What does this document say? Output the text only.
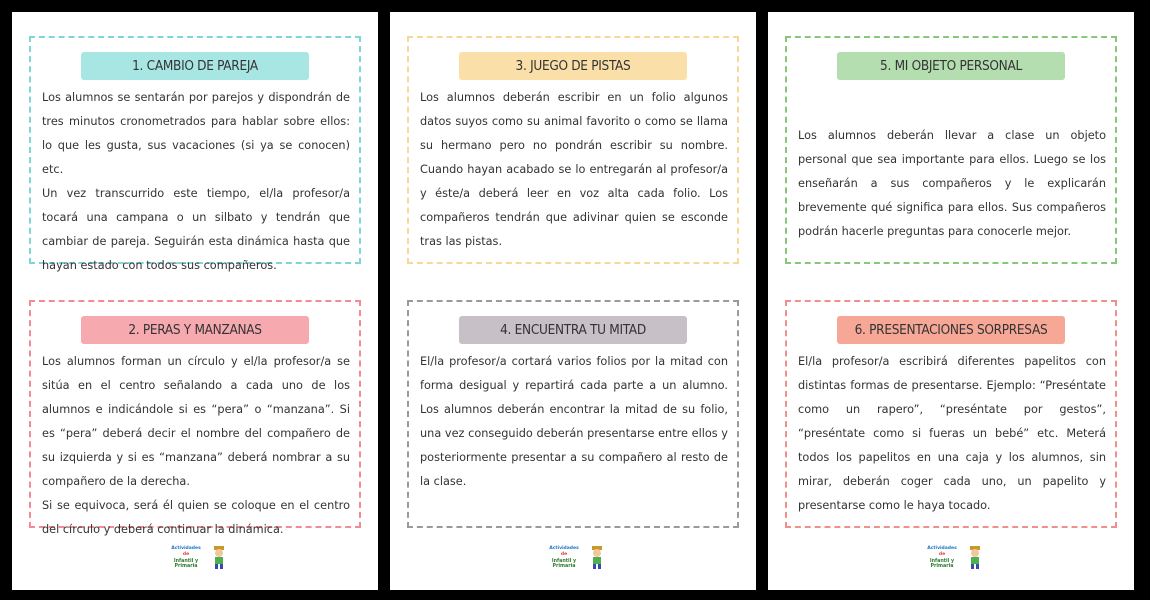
1. CAMBIO DE PAREJA

Los alumnos se sentarán por parejos y dispondrán de tres minutos cronometrados para hablar sobre ellos: lo que les gusta, sus vacaciones (si ya se conocen) etc.

Un vez transcurrido este tiempo, el/la profesor/a tocará una campana o un silbato y tendrán que cambiar de pareja. Seguirán esta dinámica hasta que hayan estado con todos sus compañeros.

2. PERAS Y MANZANAS

Los alumnos forman un círculo y el/la profesor/a se sitúa en el centro señalando a cada uno de los alumnos e indicándole si es “pera” o “manzana”. Si es “pera” deberá decir el nombre del compañero de su izquierda y si es “manzana” deberá nombrar a su compañero de la derecha.

Si se equivoca, será él quien se coloque en el centro del círculo y deberá continuar la dinámica.

Actividades
de
Infantil y Primaria
3. JUEGO DE PISTAS

Los alumnos deberán escribir en un folio algunos datos suyos como su animal favorito o como se llama su hermano pero no pondrán escribir su nombre. Cuando hayan acabado se lo entregarán al profesor/a y éste/a deberá leer en voz alta cada folio. Los compañeros tendrán que adivinar quien se esconde tras las pistas.

4. ENCUENTRA TU MITAD

El/la profesor/a cortará varios folios por la mitad con forma desigual y repartirá cada parte a un alumno. Los alumnos deberán encontrar la mitad de su folio, una vez conseguido deberán presentarse entre ellos y posteriormente presentar a su compañero al resto de la clase.

Actividades
de
Infantil y Primaria
5. MI OBJETO PERSONAL

Los alumnos deberán llevar a clase un objeto personal que sea importante para ellos. Luego se los enseñarán a sus compañeros y le explicarán brevemente qué significa para ellos. Sus compañeros podrán hacerle preguntas para conocerle mejor.

6. PRESENTACIONES SORPRESAS

El/la profesor/a escribirá diferentes papelitos con distintas formas de presentarse. Ejemplo: “Preséntate como un rapero”, “preséntate por gestos”, “preséntate como si fueras un bebé” etc. Meterá todos los papelitos en una caja y los alumnos, sin mirar, deberán coger cada uno, un papelito y presentarse como le haya tocado.

Actividades
de
Infantil y Primaria
